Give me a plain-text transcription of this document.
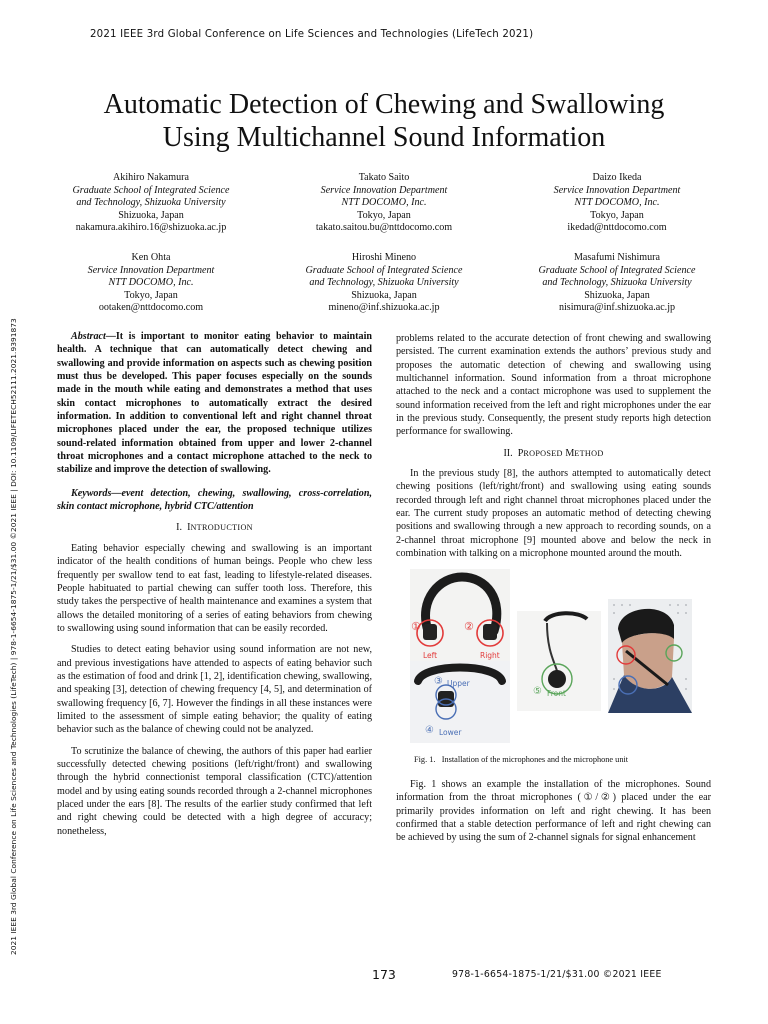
2021 IEEE 3rd Global Conference on Life Sciences and Technologies (LifeTech 2021)
Automatic Detection of Chewing and Swallowing
Using Multichannel Sound Information
Akihiro Nakamura
Graduate School of Integrated Science
and Technology, Shizuoka University
Shizuoka, Japan
nakamura.akihiro.16@shizuoka.ac.jp
Takato Saito
Service Innovation Department
NTT DOCOMO, Inc.
Tokyo, Japan
takato.saitou.bu@nttdocomo.com
Daizo Ikeda
Service Innovation Department
NTT DOCOMO, Inc.
Tokyo, Japan
ikedad@nttdocomo.com
Ken Ohta
Service Innovation Department
NTT DOCOMO, Inc.
Tokyo, Japan
ootaken@nttdocomo.com
Hiroshi Mineno
Graduate School of Integrated Science
and Technology, Shizuoka University
Shizuoka, Japan
mineno@inf.shizuoka.ac.jp
Masafumi Nishimura
Graduate School of Integrated Science
and Technology, Shizuoka University
Shizuoka, Japan
nisimura@inf.shizuoka.ac.jp
2021 IEEE 3rd Global Conference on Life Sciences and Technologies (LifeTech) | 978-1-6654-1875-1/21/$31.00 ©2021 IEEE | DOI: 10.1109/LIFETECH52111.2021.9391873	Abstract—It is important to monitor eating behavior to maintain health. A technique that can automatically detect chewing and swallowing and provide information on aspects such as chewing position must thus be developed. This paper focuses especially on the sounds made in the mouth while eating and demonstrates a method that uses skin contact microphones to automatically extract the desired information. In addition to conventional left and right channel throat microphones placed under the ear, the proposed technique utilizes sound-related information obtained from upper and lower 2-channel throat microphones and a contact microphone attached to the neck to stabilize and improve the detection of swallowing.

Keywords—event detection, chewing, swallowing, cross-correlation, skin contact microphone, hybrid CTC/attention

I. INTRODUCTION

Eating behavior especially chewing and swallowing is an important indicator of the health conditions of human beings. People who chew less frequently per swallow tend to eat fast, leading to lifestyle-related diseases. People habituated to partial chewing can suffer tooth loss. Therefore, this study takes the perspective of health maintenance and examines a system that allows the detailed monitoring of a series of eating behaviors from chewing to swallowing using sound information that can be easily recorded.

Studies to detect eating behavior using sound information are not new, and previous investigations have attended to aspects of eating behavior such as the estimation of food and drink [1, 2], identification chewing, swallowing, and speaking [3], detection of chewing frequency [4, 5], and determination of swallowing frequency [6, 7]. However the findings in all these instances were limited to the assessment of simple eating behavior; the quality of eating behavior such as the balance of chewing could not be analyzed.

To scrutinize the balance of chewing, the authors of this paper had earlier successfully detected chewing positions (left/right/front) and swallowing through the hybrid connectionist temporal classification (CTC)/attention model and by using eating sounds recorded through a 2-channel microphones placed under the ears [8]. The results of the earlier study confirmed that left and right chewing could be detected with a high degree of accuracy; nonetheless,

problems related to the accurate detection of front chewing and swallowing persisted. The current examination extends the authors’ previous study and proposes the automatic detection of chewing and swallowing using multichannel information. Sound information from a throat microphone attached to the neck and a contact microphone was used to supplement the sound information received from the left and right microphones under the ear in the previous study. Consequently, the present study reports high detection performance for swallowing.

II. PROPOSED METHOD

In the previous study [8], the authors attempted to automatically detect chewing positions (left/right/front) and swallowing using eating sounds recorded through left and right channel throat microphones placed under the ear. The current study proposes an automatic method of detecting chewing positions and swallowing through a new approach to recording sounds, on a 2-channel throat microphone [9] mounted above and below the neck in combination with talking on a microphone mounted around the mouth.

①	②
Left	Right
③ Upper
④ Lower
⑤ Front
Fig. 1. Installation of the microphones and the microphone unit

Fig. 1 shows an example the installation of the microphones. Sound information from the throat microphones (①/②) placed under the ear primarily provides information on left and right chewing. It has been confirmed that a stable detection performance of left and right chewing can be achieved by using the sum of 2-channel signals for signal enhancement

173	978-1-6654-1875-1/21/$31.00 ©2021 IEEE
